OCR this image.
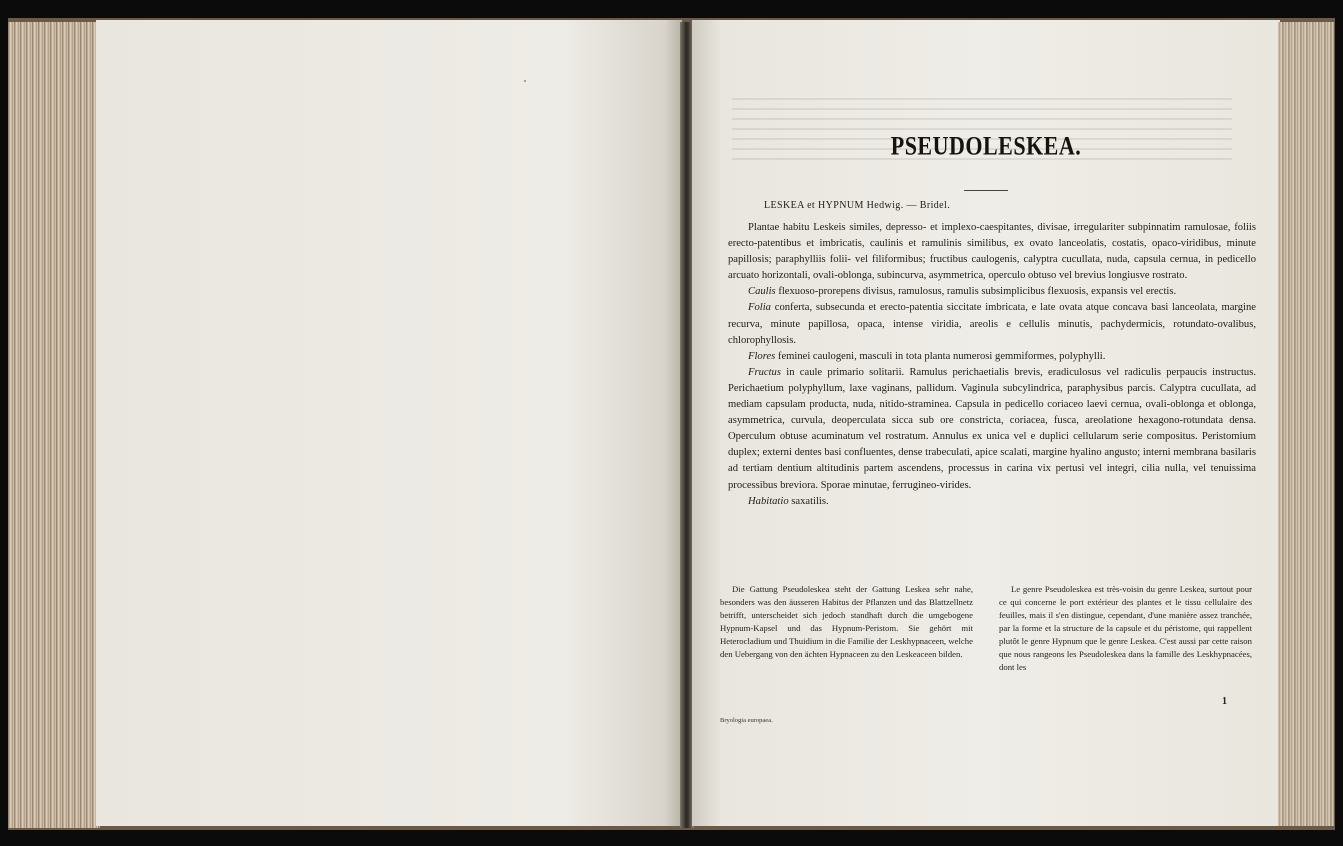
PSEUDOLESKEA.
LESKEA et HYPNUM Hedwig. — Bridel.

Plantae habitu Leskeis similes, depresso- et implexo-caespitantes, divisae, irregulariter subpinnatim ramulosae, foliis erecto-patentibus et imbricatis, caulinis et ramulinis similibus, ex ovato lanceolatis, costatis, opaco-viridibus, minute papillosis; paraphylliis folii- vel filiformibus; fructibus caulogenis, calyptra cucullata, nuda, capsula cernua, in pedicello arcuato horizontali, ovali-oblonga, subincurva, asymmetrica, operculo obtuso vel brevius longiusve rostrato.

Caulis flexuoso-prorepens divisus, ramulosus, ramulis subsimplicibus flexuosis, expansis vel erectis.

Folia conferta, subsecunda et erecto-patentia siccitate imbricata, e late ovata atque concava basi lanceolata, margine recurva, minute papillosa, opaca, intense viridia, areolis e cellulis minutis, pachydermicis, rotundato-ovalibus, chlorophyllosis.

Flores feminei caulogeni, masculi in tota planta numerosi gemmiformes, polyphylli.

Fructus in caule primario solitarii. Ramulus perichaetialis brevis, eradiculosus vel radiculis perpaucis instructus. Perichaetium polyphyllum, laxe vaginans, pallidum. Vaginula subcylindrica, paraphysibus parcis. Calyptra cucullata, ad mediam capsulam producta, nuda, nitido-straminea. Capsula in pedicello coriaceo laevi cernua, ovali-oblonga et oblonga, asymmetrica, curvula, deoperculata sicca sub ore constricta, coriacea, fusca, areolatione hexagono-rotundata densa. Operculum obtuse acuminatum vel rostratum. Annulus ex unica vel e duplici cellularum serie compositus. Peristomium duplex; externi dentes basi confluentes, dense trabeculati, apice scalati, margine hyalino angusto; interni membrana basilaris ad tertiam dentium altitudinis partem ascendens, processus in carina vix pertusi vel integri, cilia nulla, vel tenuissima processibus breviora. Sporae minutae, ferrugineo-virides.

Habitatio saxatilis.

Die Gattung Pseudoleskea steht der Gattung Leskea sehr nahe, besonders was den äusseren Habitus der Pflanzen und das Blattzellnetz betrifft, unterscheidet sich jedoch standhaft durch die umgebogene Hypnum-Kapsel und das Hypnum-Peristom. Sie gehört mit Heterocladium und Thuidium in die Familie der Leskhypnaceen, welche den Uebergang von den ächten Hypnaceen zu den Leskeaceen bilden.

Le genre Pseudoleskea est très-voisin du genre Leskea, surtout pour ce qui concerne le port extérieur des plantes et le tissu cellulaire des feuilles, mais il s'en distingue, cependant, d'une manière assez tranchée, par la forme et la structure de la capsule et du péristome, qui rappellent plutôt le genre Hypnum que le genre Leskea. C'est aussi par cette raison que nous rangeons les Pseudoleskea dans la famille des Leskhypnacées, dont les

Bryologia europaea.
1
